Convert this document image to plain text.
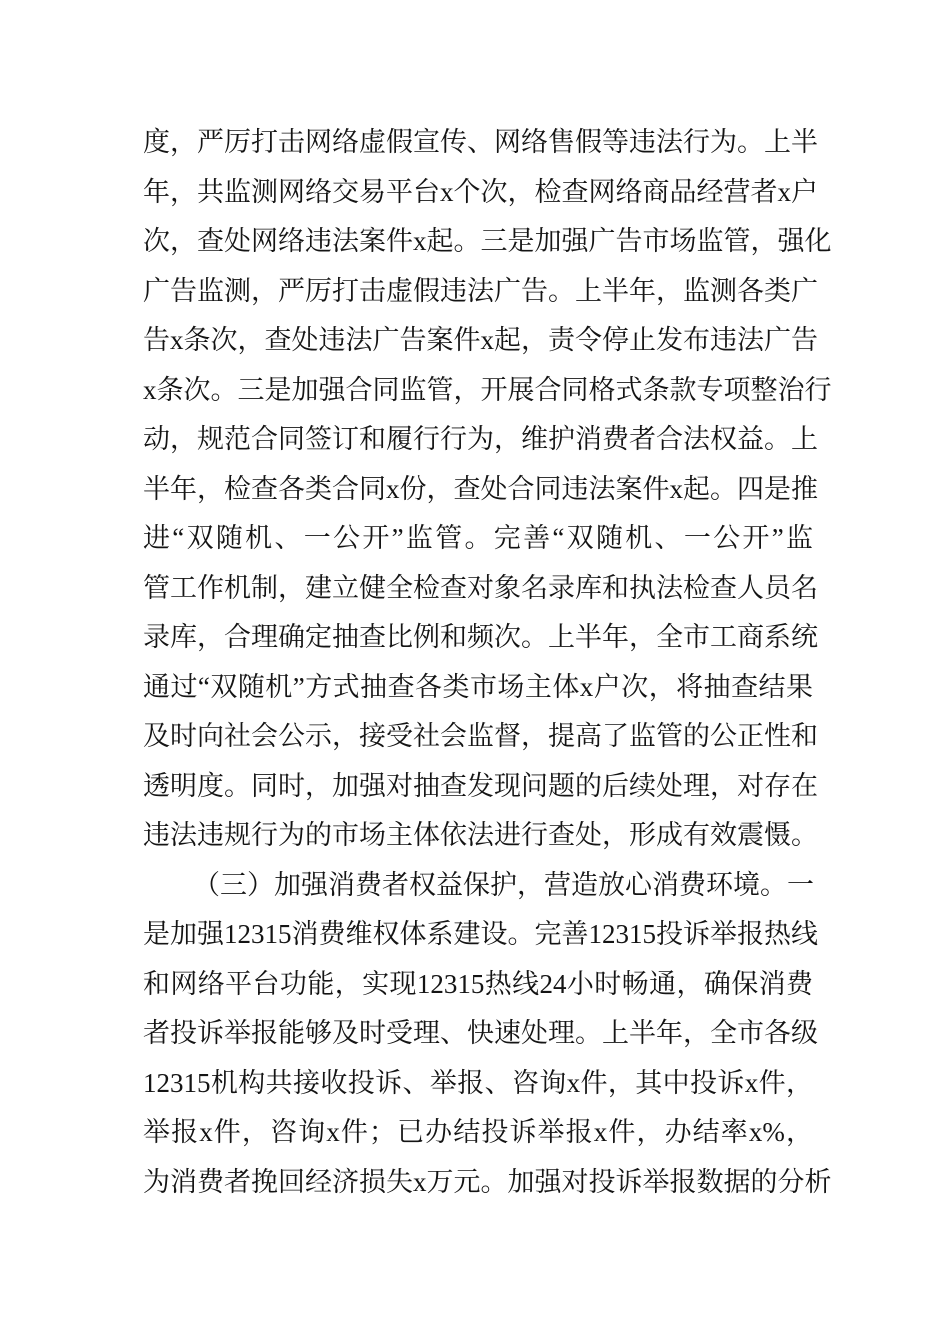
度，严厉打击网络虚假宣传、网络售假等违法行为。上半
年，共监测网络交易平台x个次，检查网络商品经营者x户
次，查处网络违法案件x起。三是加强广告市场监管，强化
广告监测，严厉打击虚假违法广告。上半年，监测各类广
告x条次，查处违法广告案件x起，责令停止发布违法广告
x条次。三是加强合同监管，开展合同格式条款专项整治行
动，规范合同签订和履行行为，维护消费者合法权益。上
半年，检查各类合同x份，查处合同违法案件x起。四是推
进“双随机、一公开”监管。完善“双随机、一公开”监
管工作机制，建立健全检查对象名录库和执法检查人员名
录库，合理确定抽查比例和频次。上半年，全市工商系统
通过“双随机”方式抽查各类市场主体x户次，将抽查结果
及时向社会公示，接受社会监督，提高了监管的公正性和
透明度。同时，加强对抽查发现问题的后续处理，对存在
违法违规行为的市场主体依法进行查处，形成有效震慑。
（三）加强消费者权益保护，营造放心消费环境。一
是加强12315消费维权体系建设。完善12315投诉举报热线
和网络平台功能，实现12315热线24小时畅通，确保消费
者投诉举报能够及时受理、快速处理。上半年，全市各级
12315机构共接收投诉、举报、咨询x件，其中投诉x件，
举报x件，咨询x件；已办结投诉举报x件，办结率x%，
为消费者挽回经济损失x万元。加强对投诉举报数据的分析
